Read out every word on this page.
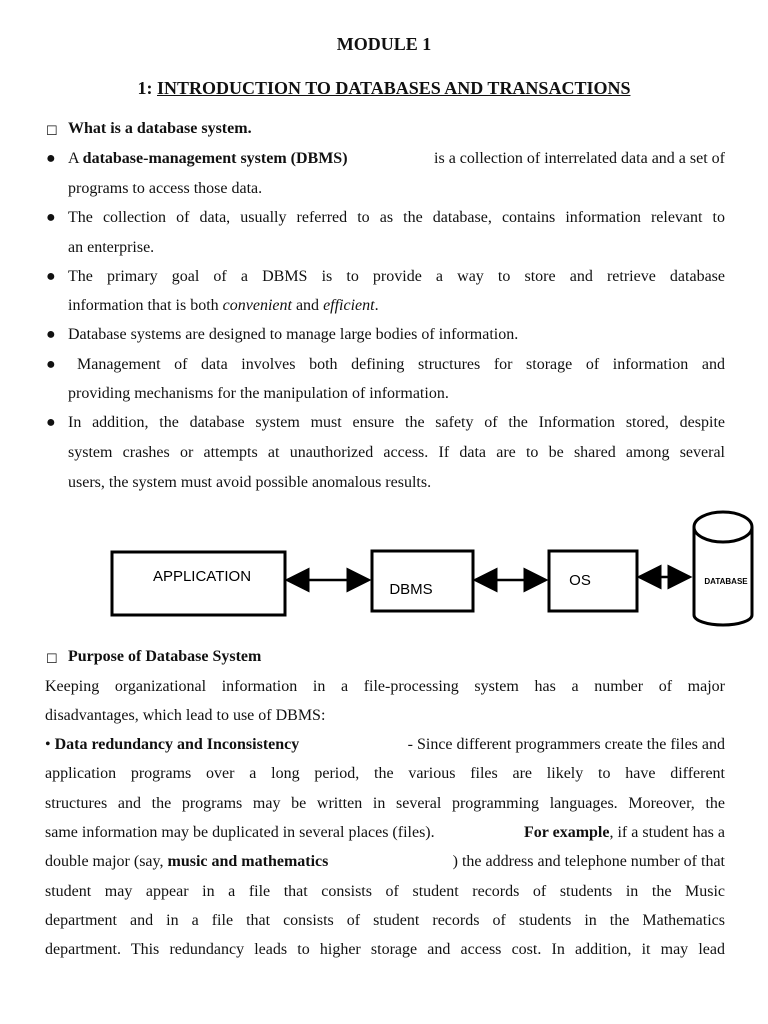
MODULE 1
1: INTRODUCTION TO DATABASES AND TRANSACTIONS
☐ What is a database system.
● A database-management system (DBMS)	is a collection of interrelated data and a set of
programs to access those data.
● The collection of data, usually referred to as the database, contains information relevant to
an enterprise.
● The primary goal of a DBMS is to provide a way to store and retrieve database
information that is both convenient and efficient.
● Database systems are designed to manage large bodies of information.
● Management of data involves both defining structures for storage of information and
providing mechanisms for the manipulation of information.
● In addition, the database system must ensure the safety of the Information stored, despite
system crashes or attempts at unauthorized access. If data are to be shared among several
users, the system must avoid possible anomalous results.
APPLICATION
DBMS
OS	DATABASE
☐ Purpose of Database System
Keeping organizational information in a file-processing system has a number of major
disadvantages, which lead to use of DBMS:
• Data redundancy and Inconsistency	- Since different programmers create the files and
application programs over a long period, the various files are likely to have different
structures and the programs may be written in several programming languages. Moreover, the
same information may be duplicated in several places (files).	For example, if a student has a
double major (say, music and mathematics	) the address and telephone number of that
student may appear in a file that consists of student records of students in the Music
department and in a file that consists of student records of students in the Mathematics
department. This redundancy leads to higher storage and access cost. In addition, it may lead
